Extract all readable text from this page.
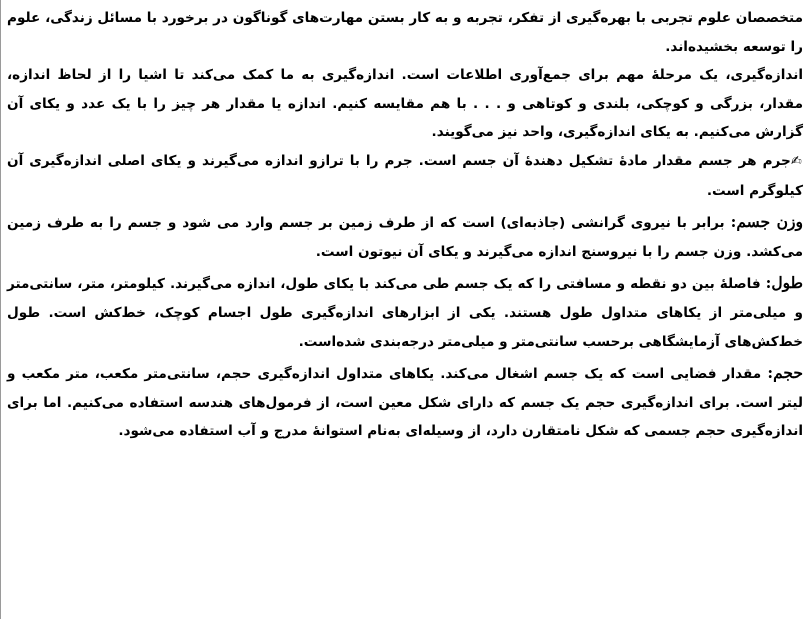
متخصصان علوم تجربی با بهره‌گیری از تفکر، تجربه و به کار بستن مهارت‌های گوناگون در برخورد با مسائل زندگی، علوم را توسعه بخشیده‌اند.

اندازه‌گیری، یک مرحلهٔ مهم برای جمع‌آوری اطلاعات است. اندازه‌گیری به ما کمک می‌کند تا اشیا را از لحاظ اندازه، مقدار، بزرگی و کوچکی، بلندی و کوتاهی و . . . با هم مقایسه کنیم. اندازه یا مقدار هر چیز را با یک عدد و یکای آن گزارش می‌کنیم. به یکای اندازه‌گیری، واحد نیز می‌گویند.

✍جرم هر جسم مقدار مادهٔ تشکیل دهندهٔ آن جسم است. جرم را با ترازو اندازه می‌گیرند و یکای اصلی اندازه‌گیری آن کیلوگرم است.

وزن جسم: برابر با نیروی گرانشی (جاذبه‌ای) است که از طرف زمین بر جسم وارد می شود و جسم را به طرف زمین می‌کشد. وزن جسم را با نیروسنج اندازه می‌گیرند و یکای آن نیوتون است.

طول: فاصلهٔ بین دو نقطه و مسافتی را که یک جسم طی می‌کند با یکای طول، اندازه می‌گیرند. کیلومتر، متر، سانتی‌متر و میلی‌متر از یکاهای متداول طول هستند. یکی از ابزارهای اندازه‌گیری طول اجسام کوچک، خط‌کش است. طول خط‌کش‌های آزمایشگاهی برحسب سانتی‌متر و میلی‌متر درجه‌بندی شده‌است.

حجم: مقدار فضایی است که یک جسم اشغال می‌کند. یکاهای متداول اندازه‌گیری حجم، سانتی‌متر مکعب، متر مکعب و لیتر است. برای اندازه‌گیری حجم یک جسم که دارای شکل معین است، از فرمول‌های هندسه استفاده می‌کنیم. اما برای اندازه‌گیری حجم جسمی که شکل نامتقارن دارد، از وسیله‌ای به‌نام استوانهٔ مدرج و آب استفاده می‌شود.
